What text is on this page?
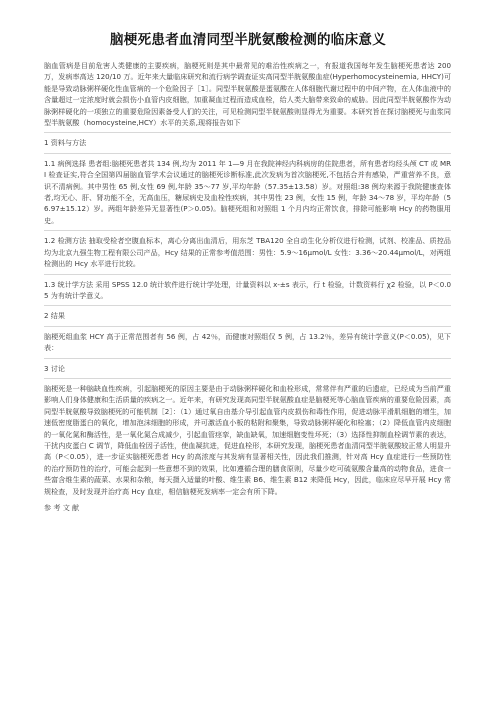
脑梗死患者血清同型半胱氨酸检测的临床意义

脑血管病是目前危害人类健康的主要疾病，脑梗死则是其中最常见的难治性疾病之一，有报道我国每年发生脑梗死患者达 200 万，发病率高达 120/10 万。近年来大量临床研究和流行病学调查证实高同型半胱氨酸血症(Hyperhomocysteinemia, HHCY)可能是导致动脉粥样硬化性血管病的一个危险因子［1］。同型半胱氨酸是蛋氨酸在人体细胞代谢过程中的中间产物，在人体血液中的含量超过一定浓度时就会损伤小血管内皮细胞，加重凝血过程而造成血栓，给人类大脑带来致命的威胁。因此同型半胱氨酸作为动脉粥样硬化的一项独立的重要危险因素备受人们的关注，可见检测同型半胱氨酸则显得尤为重要。本研究旨在探讨脑梗死与血浆同型半胱氨酸（homocysteine,HCY）水平的关系,现将报告如下

1 资料与方法

1.1 病例选择 患者组:脑梗死患者共 134 例,均为 2011 年 1—9 月在我院神经内科病房的住院患者，所有患者均经头颅 CT 或 MRI 检查证实,符合全国第四届脑血管学术会议通过的脑梗死诊断标准,此次发病为首次脑梗死,不包括合并有感染，严重营养不良，意识不清病例。其中男性 65 例,女性 69 例,年龄 35～77 岁,平均年龄（57.35±13.58）岁。对照组:38 例均来源于我院健康查体者,均无心、肝、肾功能不全，无高血压，糖尿病史及血栓性疾病，其中男性 23 例，女性 15 例，年龄 34～78 岁，平均年龄（56.97±15.12）岁。两组年龄差异无显著性(P＞0.05)。脑梗死组和对照组 1 个月内均正常饮食，排除可能影响 Hcy 的药物服用史。

1.2 检测方法 抽取受检者空腹血标本，离心分离出血清后，用东芝 TBA120 全自动生化分析仪进行检测，试剂、校准品、质控品均为北京九强生物工程有限公司产品，Hcy 结果的正常参考值范围：男性：5.9～16μmol/L 女性：3.36～20.44μmol/L，对两组检测出的 Hcy 水平进行比较。

1.3 统计学方法 采用 SPSS 12.0 统计软件进行统计学处理，计量资料以 x-±s 表示，行 t 检验，计数资料行 χ2 检验，以 P＜0.05 为有统计学意义。

2 结果

脑梗死组血浆 HCY 高于正常范围者有 56 例，占 42％，而健康对照组仅 5 例，占 13.2％，差异有统计学意义(P＜0.05)，见下表：

3 讨论

脑梗死是一种脑缺血性疾病，引起脑梗死的原因主要是由于动脉粥样硬化和血栓形成，常常伴有严重的后遗症，已经成为当前严重影响人们身体健康和生活质量的疾病之一。近年来，有研究发现高同型半胱氨酸血症是脑梗死等心脑血管疾病的重要危险因素，高同型半胱氨酸导致脑梗死的可能机制［2］：（1）通过氧自由基介导引起血管内皮损伤和毒性作用，促进动脉平滑肌细胞的增生，加速低密度脂蛋白的氧化，增加泡沫细胞的形成，并可激活血小板的粘附和聚集，导致动脉粥样硬化和栓塞；（2）降低血管内皮细胞的一氧化氮和酶活性，是一氧化氮合成减少，引起血管痉挛，缺血缺氧，加速细胞变性坏死；（3）选择性抑制血栓调节素的表达，干扰内皮蛋白 C 调节，降低血栓因子活性，使血凝抗进，促进血栓形，本研究发现，脑梗死患者血清同型半胱氨酸较正常人明显升高（P＜0.05），进一步证实脑梗死患者 Hcy 的高浓度与其发病有显著相关性，因此我们推测，针对高 Hcy 血症进行一些预防性的治疗预防性的治疗，可能会起到一些意想不到的效果，比如遵循合理的膳食原则，尽量少吃可硫氨酸含量高的动物食品，进食一些富含维生素的蔬菜、水果和杂粮，每天摄入适量的叶酸、维生素 B6、维生素 B12 来降低 Hcy，因此，临床应尽早开展 Hcy 常规检查，及时发现并治疗高 Hcy 血症，相信脑梗死发病率一定会有所下降。

参 考 文 献
